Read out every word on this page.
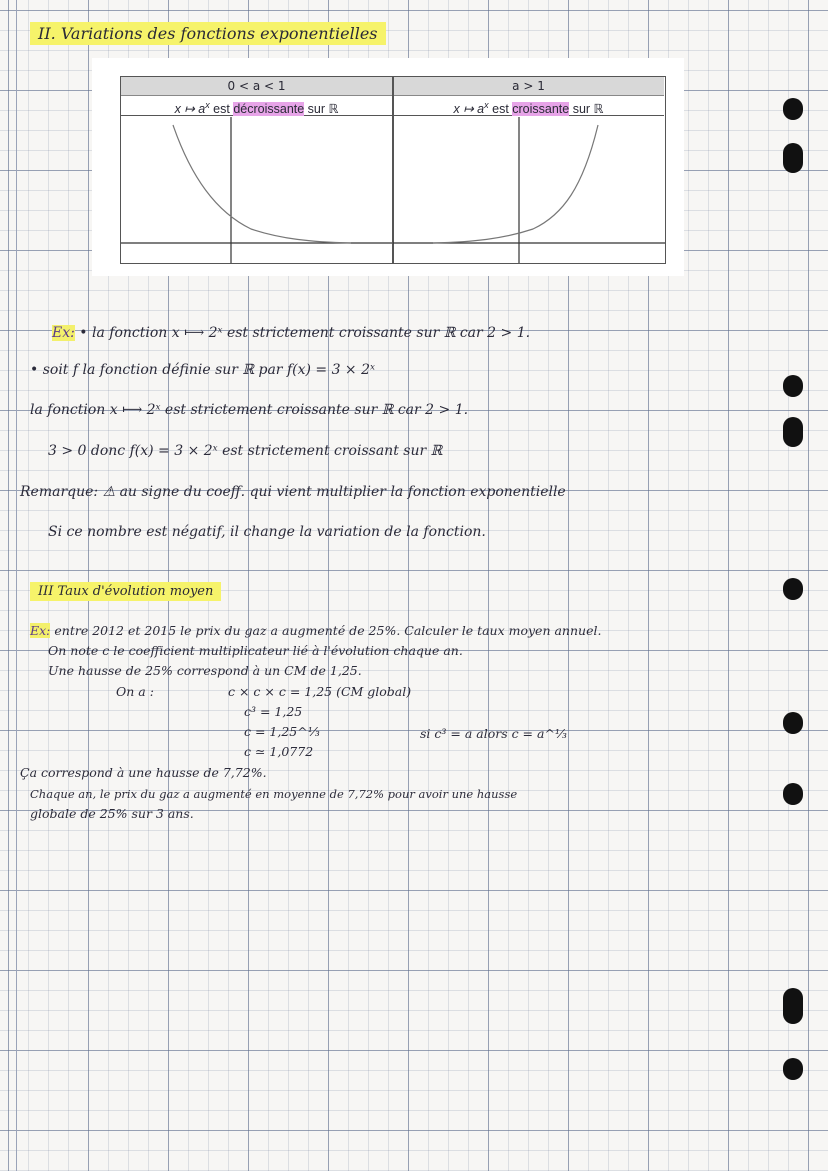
II. Variations des fonctions exponentielles
0 < a < 1	a > 1
x ↦ $a^x$ est décroissante sur ℝ	x ↦ $a^x$ est croissante sur ℝ
Ex: • la fonction x ⟼ 2ˣ est strictement croissante sur ℝ car 2 > 1.
• soit f la fonction définie sur ℝ par f(x) = 3 × 2ˣ
la fonction x ⟼ 2ˣ est strictement croissante sur ℝ car 2 > 1.
3 > 0 donc f(x) = 3 × 2ˣ est strictement croissant sur ℝ
Remarque: ⚠ au signe du coeff. qui vient multiplier la fonction exponentielle
Si ce nombre est négatif, il change la variation de la fonction.
III Taux d'évolution moyen
Ex: entre 2012 et 2015 le prix du gaz a augmenté de 25%. Calculer le taux moyen annuel.
On note c le coefficient multiplicateur lié à l'évolution chaque an.
Une hausse de 25% correspond à un CM de 1,25.
On a :	c × c × c = 1,25 (CM global)
c³ = 1,25
c = 1,25^⅓	si c³ = a alors c = a^⅓
c ≃ 1,0772
Ça correspond à une hausse de 7,72%.
Chaque an, le prix du gaz a augmenté en moyenne de 7,72% pour avoir une hausse
globale de 25% sur 3 ans.
